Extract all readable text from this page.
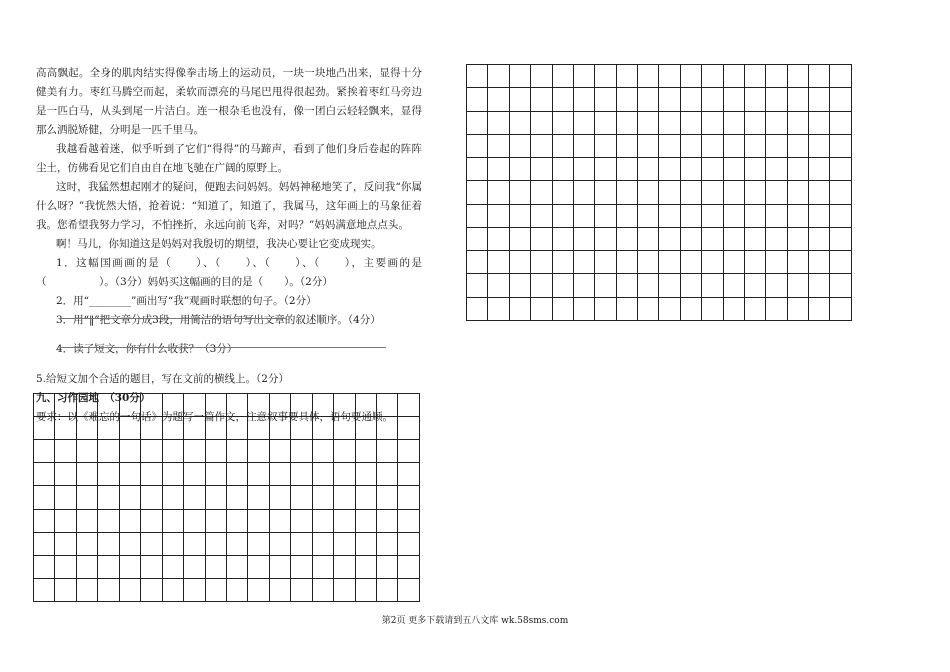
高高飘起。全身的肌肉结实得像拳击场上的运动员，一块一块地凸出来，显得十分健美有力。枣红马腾空而起，柔软而漂亮的马尾巴甩得很起劲。紧挨着枣红马旁边是一匹白马，从头到尾一片洁白。连一根杂毛也没有，像一团白云轻轻飘来，显得那么洒脱矫健，分明是一匹千里马。

我越看越着迷，似乎听到了它们“得得”的马蹄声，看到了他们身后卷起的阵阵尘土，仿佛看见它们自由自在地飞驰在广阔的原野上。

这时，我猛然想起刚才的疑问，便跑去问妈妈。妈妈神秘地笑了，反问我“你属什么呀？”我恍然大悟，抢着说：“知道了，知道了，我属马，这年画上的马象征着我。您希望我努力学习，不怕挫折，永远向前飞奔，对吗？”妈妈满意地点点头。

啊！马儿，你知道这是妈妈对我殷切的期望，我决心要让它变成现实。

1．这幅国画画的是（　　）、（　　）、（　　）、（　　），主要画的是（　　　　　）。（3分）妈妈买这幅画的目的是（　　）。（2分）

2．用“________”画出写“我”观画时联想的句子。（2分）

3．用“‖”把文章分成3段，用简洁的语句写出文章的叙述顺序。（4分）

4．读了短文，你有什么收获？（3分）

5.给短文加个合适的题目，写在文前的横线上。（2分）

九、习作园地　（30分）

要求：以《难忘的一句话》为题写一篇作文，注意叙事要具体，语句要通顺。

第2页 更多下载请到五八文库 wk.58sms.com
